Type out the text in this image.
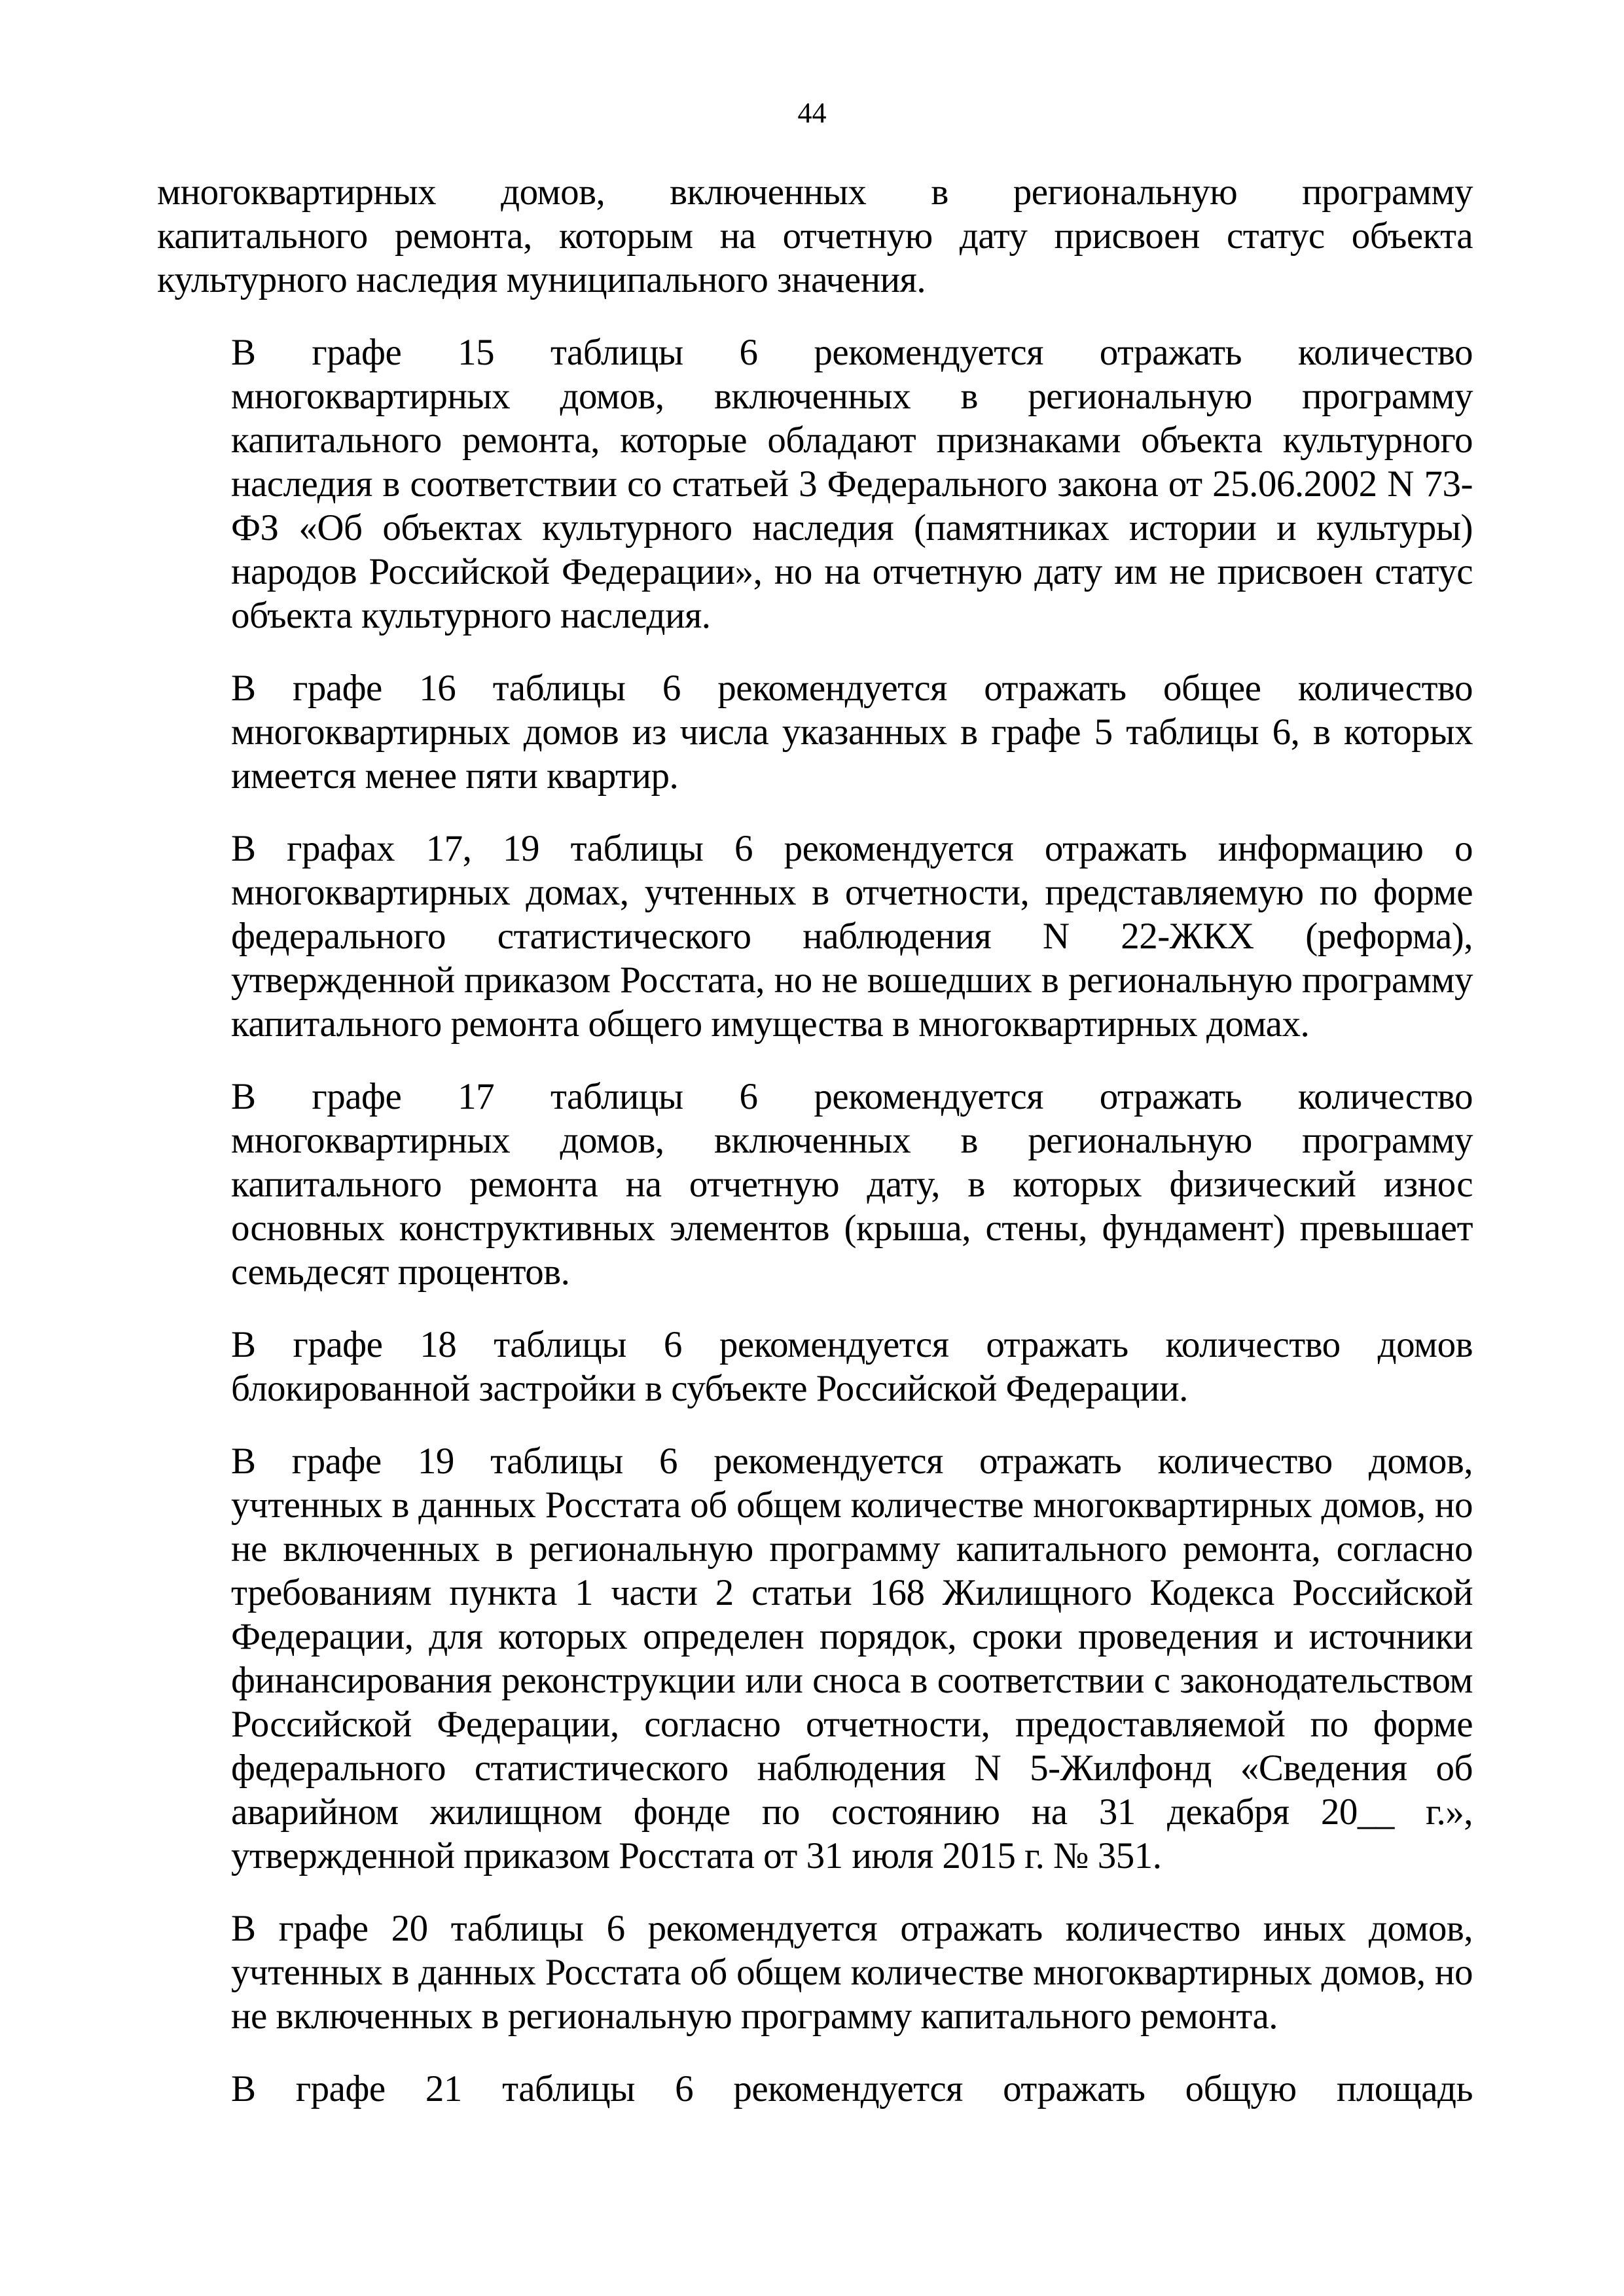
44
многоквартирных домов, включенных в региональную программу
капитального ремонта, которым на отчетную дату присвоен статус объекта
культурного наследия муниципального значения.
В графе 15 таблицы 6 рекомендуется отражать количество
многоквартирных домов, включенных в региональную программу
капитального ремонта, которые обладают признаками объекта культурного
наследия в соответствии со статьей 3 Федерального закона от 25.06.2002 N 73-
ФЗ «Об объектах культурного наследия (памятниках истории и культуры)
народов Российской Федерации», но на отчетную дату им не присвоен статус
объекта культурного наследия.
В графе 16 таблицы 6 рекомендуется отражать общее количество
многоквартирных домов из числа указанных в графе 5 таблицы 6, в которых
имеется менее пяти квартир.
В графах 17, 19 таблицы 6 рекомендуется отражать информацию о
многоквартирных домах, учтенных в отчетности, представляемую по форме
федерального статистического наблюдения N 22-ЖКХ (реформа),
утвержденной приказом Росстата, но не вошедших в региональную программу
капитального ремонта общего имущества в многоквартирных домах.
В графе 17 таблицы 6 рекомендуется отражать количество
многоквартирных домов, включенных в региональную программу
капитального ремонта на отчетную дату, в которых физический износ
основных конструктивных элементов (крыша, стены, фундамент) превышает
семьдесят процентов.
В графе 18 таблицы 6 рекомендуется отражать количество домов
блокированной застройки в субъекте Российской Федерации.
В графе 19 таблицы 6 рекомендуется отражать количество домов,
учтенных в данных Росстата об общем количестве многоквартирных домов, но
не включенных в региональную программу капитального ремонта, согласно
требованиям пункта 1 части 2 статьи 168 Жилищного Кодекса Российской
Федерации, для которых определен порядок, сроки проведения и источники
финансирования реконструкции или сноса в соответствии с законодательством
Российской Федерации, согласно отчетности, предоставляемой по форме
федерального статистического наблюдения N 5-Жилфонд «Сведения об
аварийном жилищном фонде по состоянию на 31 декабря 20__ г.»,
утвержденной приказом Росстата от 31 июля 2015 г. № 351.
В графе 20 таблицы 6 рекомендуется отражать количество иных домов,
учтенных в данных Росстата об общем количестве многоквартирных домов, но
не включенных в региональную программу капитального ремонта.
В графе 21 таблицы 6 рекомендуется отражать общую площадь
